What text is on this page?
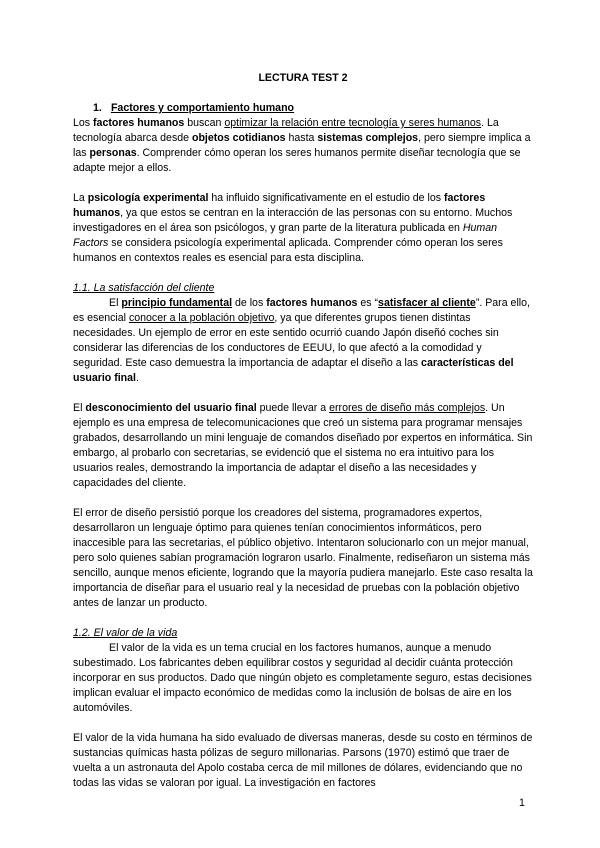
LECTURA TEST 2

1. Factores y comportamiento humano

Los factores humanos buscan optimizar la relación entre tecnología y seres humanos. La tecnología abarca desde objetos cotidianos hasta sistemas complejos, pero siempre implica a las personas. Comprender cómo operan los seres humanos permite diseñar tecnología que se adapte mejor a ellos.

La psicología experimental ha influido significativamente en el estudio de los factores humanos, ya que estos se centran en la interacción de las personas con su entorno. Muchos investigadores en el área son psicólogos, y gran parte de la literatura publicada en Human Factors se considera psicología experimental aplicada. Comprender cómo operan los seres humanos en contextos reales es esencial para esta disciplina.

1.1. La satisfacción del cliente

El principio fundamental de los factores humanos es “satisfacer al cliente”. Para ello, es esencial conocer a la población objetivo, ya que diferentes grupos tienen distintas necesidades. Un ejemplo de error en este sentido ocurrió cuando Japón diseñó coches sin considerar las diferencias de los conductores de EEUU, lo que afectó a la comodidad y seguridad. Este caso demuestra la importancia de adaptar el diseño a las características del usuario final.

El desconocimiento del usuario final puede llevar a errores de diseño más complejos. Un ejemplo es una empresa de telecomunicaciones que creó un sistema para programar mensajes grabados, desarrollando un mini lenguaje de comandos diseñado por expertos en informática. Sin embargo, al probarlo con secretarias, se evidenció que el sistema no era intuitivo para los usuarios reales, demostrando la importancia de adaptar el diseño a las necesidades y capacidades del cliente.

El error de diseño persistió porque los creadores del sistema, programadores expertos, desarrollaron un lenguaje óptimo para quienes tenían conocimientos informáticos, pero inaccesible para las secretarias, el público objetivo. Intentaron solucionarlo con un mejor manual, pero solo quienes sabían programación lograron usarlo. Finalmente, rediseñaron un sistema más sencillo, aunque menos eficiente, logrando que la mayoría pudiera manejarlo. Este caso resalta la importancia de diseñar para el usuario real y la necesidad de pruebas con la población objetivo antes de lanzar un producto.

1.2. El valor de la vida

El valor de la vida es un tema crucial en los factores humanos, aunque a menudo subestimado. Los fabricantes deben equilibrar costos y seguridad al decidir cuánta protección incorporar en sus productos. Dado que ningún objeto es completamente seguro, estas decisiones implican evaluar el impacto económico de medidas como la inclusión de bolsas de aire en los automóviles.

El valor de la vida humana ha sido evaluado de diversas maneras, desde su costo en términos de sustancias químicas hasta pólizas de seguro millonarias. Parsons (1970) estimó que traer de vuelta a un astronauta del Apolo costaba cerca de mil millones de dólares, evidenciando que no todas las vidas se valoran por igual. La investigación en factores

1
